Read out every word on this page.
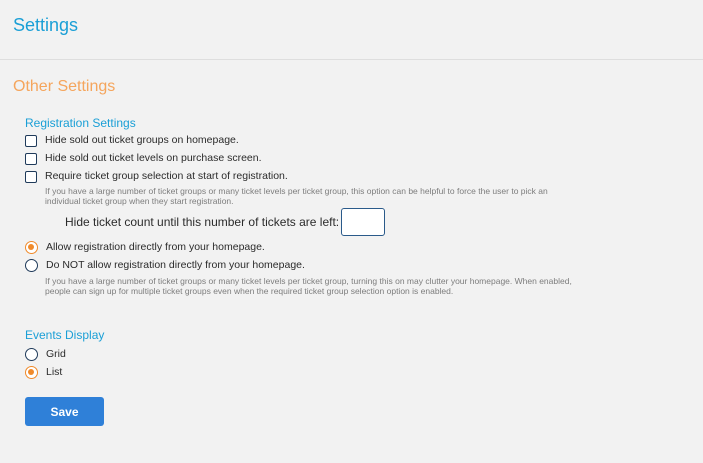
Settings
Other Settings
Registration Settings
Hide sold out ticket groups on homepage.
Hide sold out ticket levels on purchase screen.
Require ticket group selection at start of registration.
If you have a large number of ticket groups or many ticket levels per ticket group, this option can be helpful to force the user to pick an individual ticket group when they start registration.
Hide ticket count until this number of tickets are left:
Allow registration directly from your homepage.
Do NOT allow registration directly from your homepage.
If you have a large number of ticket groups or many ticket levels per ticket group, turning this on may clutter your homepage. When enabled, people can sign up for multiple ticket groups even when the required ticket group selection option is enabled.
Events Display
Grid
List
Save
